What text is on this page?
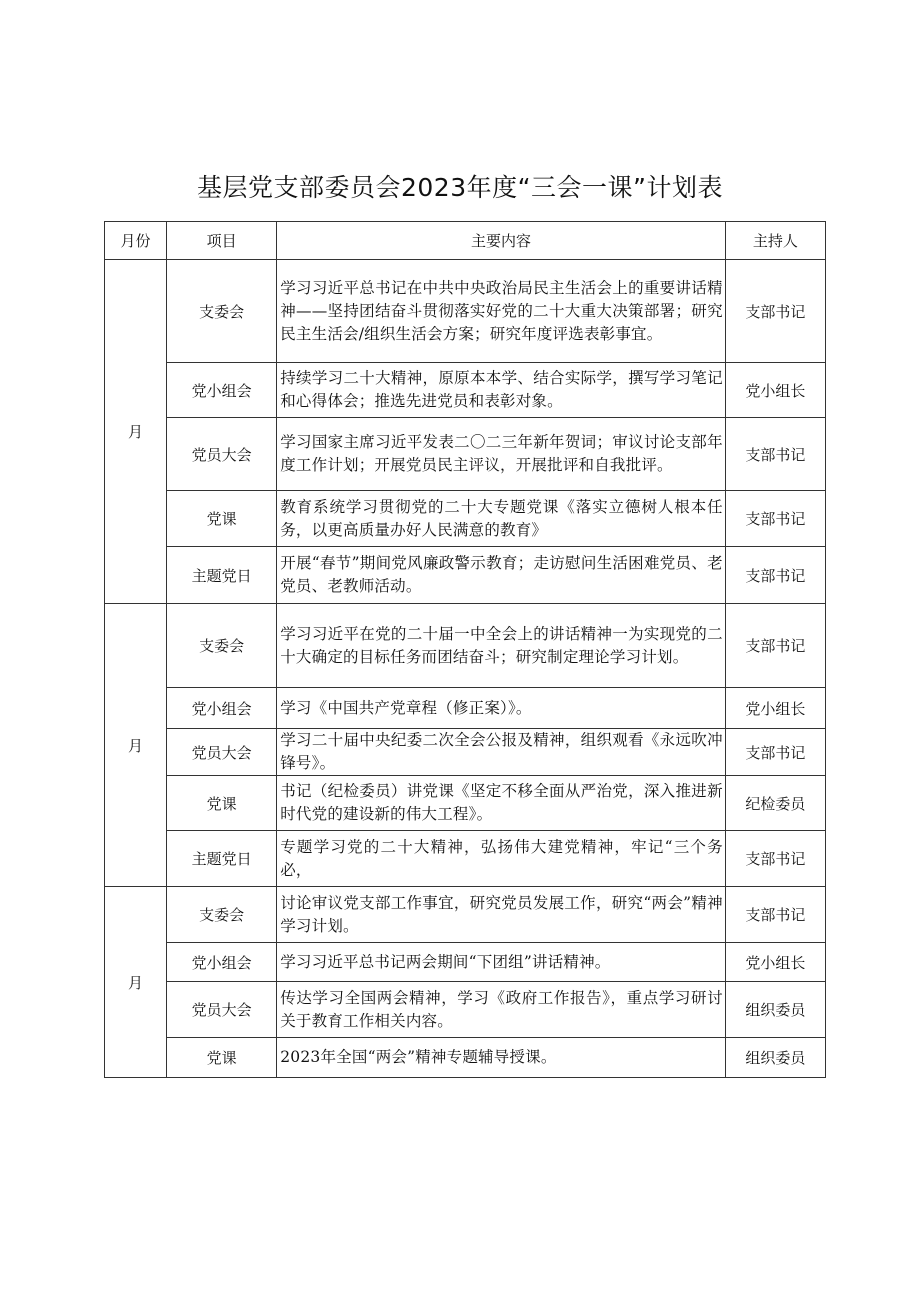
基层党支部委员会2023年度“三会一课”计划表
月份	项目	主要内容	主持人
月	支委会	学习习近平总书记在中共中央政治局民主生活会上的重要讲话精神——坚持团结奋斗贯彻落实好党的二十大重大决策部署；研究民主生活会/组织生活会方案；研究年度评选表彰事宜。	支部书记
	党小组会	持续学习二十大精神，原原本本学、结合实际学，撰写学习笔记和心得体会；推选先进党员和表彰对象。	党小组长
	党员大会	学习国家主席习近平发表二〇二三年新年贺词；审议讨论支部年度工作计划；开展党员民主评议，开展批评和自我批评。	支部书记
	党课	教育系统学习贯彻党的二十大专题党课《落实立德树人根本任务，以更高质量办好人民满意的教育》	支部书记
	主题党日	开展“春节”期间党风廉政警示教育；走访慰问生活困难党员、老党员、老教师活动。	支部书记
月	支委会	学习习近平在党的二十届一中全会上的讲话精神一为实现党的二十大确定的目标任务而团结奋斗；研究制定理论学习计划。	支部书记
	党小组会	学习《中国共产党章程（修正案）》。	党小组长
	党员大会	学习二十届中央纪委二次全会公报及精神，组织观看《永远吹冲锋号》。	支部书记
	党课	书记（纪检委员）讲党课《坚定不移全面从严治党，深入推进新时代党的建设新的伟大工程》。	纪检委员
	主题党日	专题学习党的二十大精神，弘扬伟大建党精神，牢记“三个务必，	支部书记
月	支委会	讨论审议党支部工作事宜，研究党员发展工作，研究“两会”精神学习计划。	支部书记
	党小组会	学习习近平总书记两会期间“下团组”讲话精神。	党小组长
	党员大会	传达学习全国两会精神，学习《政府工作报告》，重点学习研讨关于教育工作相关内容。	组织委员
	党课	2023年全国“两会”精神专题辅导授课。	组织委员
